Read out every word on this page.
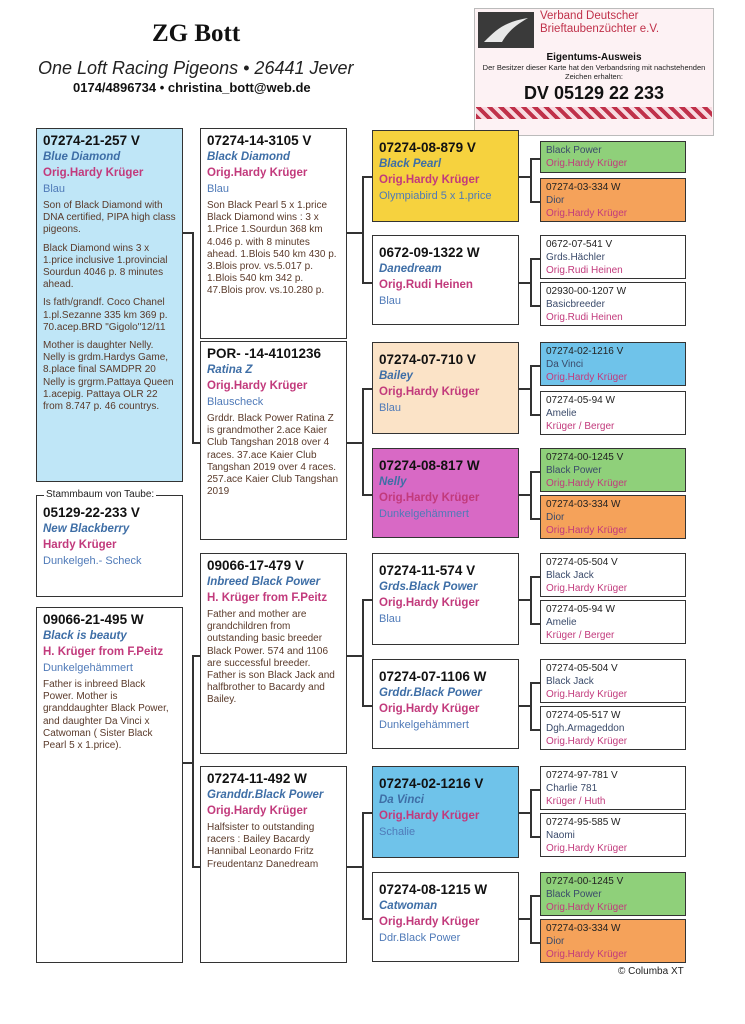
ZG Bott
One Loft Racing Pigeons • 26441 Jever
0174/4896734 • christina_bott@web.de
Verband Deutscher Brieftaubenzüchter e.V.
Eigentums-Ausweis
Der Besitzer dieser Karte hat den Verbandsring mit nachstehenden Zeichen erhalten:
DV 05129 22 233
07274-21-257 V
Blue Diamond
Orig.Hardy Krüger
Blau
Son of Black Diamond with DNA certified, PIPA high class pigeons.
Black Diamond wins 3 x 1.price inclusive 1.provincial Sourdun 4046 p. 8 minutes ahead.
Is fath/grandf. Coco Chanel 1.pl.Sezanne 335 km 369 p. 70.acep.BRD "Gigolo"12/11
Mother is daughter Nelly. Nelly is grdm.Hardys Game, 8.place final SAMDPR 20 Nelly is grgrm.Pattaya Queen 1.acepig. Pattaya OLR 22 from 8.747 p. 46 countrys.
05129-22-233 V
New Blackberry
Hardy Krüger
Dunkelgeh.- Scheck
Stammbaum von Taube:
09066-21-495 W
Black is beauty
H. Krüger from F.Peitz
Dunkelgehämmert
Father is inbreed Black Power. Mother is granddaughter Black Power, and daughter Da Vinci x Catwoman ( Sister Black Pearl 5 x 1.price).
07274-14-3105 V
Black Diamond
Orig.Hardy Krüger
Blau
Son Black Pearl 5 x 1.price Black Diamond wins : 3 x 1.Price 1.Sourdun 368 km 4.046 p. with 8 minutes ahead. 1.Blois 540 km 430 p. 3.Blois prov. vs.5.017 p. 1.Blois 540 km 342 p. 47.Blois prov. vs.10.280 p.
POR- -14-4101236
Ratina Z
Orig.Hardy Krüger
Blauscheck
Grddr. Black Power Ratina Z is grandmother 2.ace Kaier Club Tangshan 2018 over 4 races. 37.ace Kaier Club Tangshan 2019 over 4 races. 257.ace Kaier Club Tangshan 2019
09066-17-479 V
Inbreed Black Power
H. Krüger from F.Peitz
Father and mother are grandchildren from outstanding basic breeder Black Power. 574 and 1106 are successful breeder. Father is son Black Jack and halfbrother to Bacardy and Bailey.
07274-11-492 W
Granddr.Black Power
Orig.Hardy Krüger
Halfsister to outstanding racers : Bailey Bacardy Hannibal Leonardo Fritz Freudentanz Danedream
07274-08-879 V
Black Pearl
Orig.Hardy Krüger
Olympiabird 5 x 1.price
0672-09-1322 W
Danedream
Orig.Rudi Heinen
Blau
07274-07-710 V
Bailey
Orig.Hardy Krüger
Blau
07274-08-817 W
Nelly
Orig.Hardy Krüger
Dunkelgehämmert
07274-11-574 V
Grds.Black Power
Orig.Hardy Krüger
Blau
07274-07-1106 W
Grddr.Black Power
Orig.Hardy Krüger
Dunkelgehämmert
07274-02-1216 V
Da Vinci
Orig.Hardy Krüger
Schalie
07274-08-1215 W
Catwoman
Orig.Hardy Krüger
Ddr.Black Power
Black Power
Orig.Hardy Krüger
07274-03-334 W
Dior
Orig.Hardy Krüger
0672-07-541 V
Grds.Hächler
Orig.Rudi Heinen
02930-00-1207 W
Basicbreeder
Orig.Rudi Heinen
07274-02-1216 V
Da Vinci
Orig.Hardy Krüger
07274-05-94 W
Amelie
Krüger / Berger
07274-00-1245 V
Black Power
Orig.Hardy Krüger
07274-03-334 W
Dior
Orig.Hardy Krüger
07274-05-504 V
Black Jack
Orig.Hardy Krüger
07274-05-94 W
Amelie
Krüger / Berger
07274-05-504 V
Black Jack
Orig.Hardy Krüger
07274-05-517 W
Dgh.Armageddon
Orig.Hardy Krüger
07274-97-781 V
Charlie 781
Krüger / Huth
07274-95-585 W
Naomi
Orig.Hardy Krüger
07274-00-1245 V
Black Power
Orig.Hardy Krüger
07274-03-334 W
Dior
Orig.Hardy Krüger
© Columba XT
